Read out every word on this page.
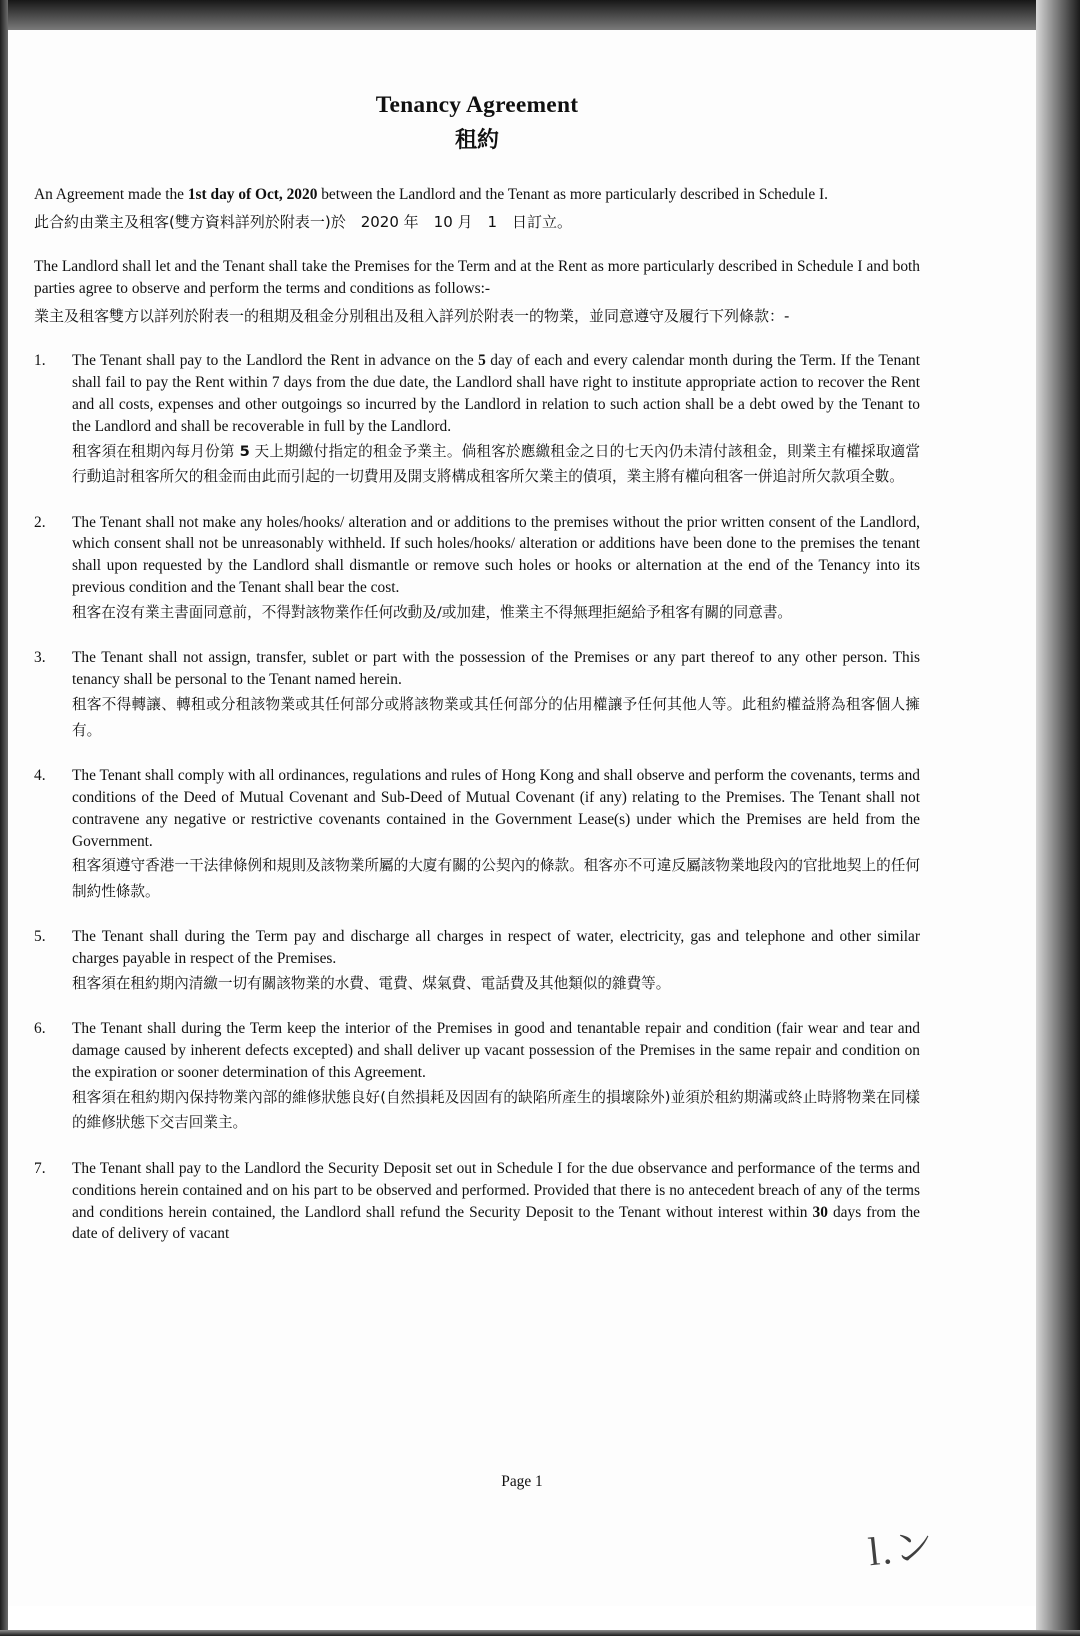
Tenancy Agreement
租約

An Agreement made the 1st day of Oct, 2020 between the Landlord and the Tenant as more particularly described in Schedule I.

此合約由業主及租客(雙方資料詳列於附表一)於　2020 年　10 月　1　日訂立。

The Landlord shall let and the Tenant shall take the Premises for the Term and at the Rent as more particularly described in Schedule I and both parties agree to observe and perform the terms and conditions as follows:-

業主及租客雙方以詳列於附表一的租期及租金分別租出及租入詳列於附表一的物業，並同意遵守及履行下列條款：-

1.	The Tenant shall pay to the Landlord the Rent in advance on the 5 day of each and every calendar month during the Term. If the Tenant shall fail to pay the Rent within 7 days from the due date, the Landlord shall have right to institute appropriate action to recover the Rent and all costs, expenses and other outgoings so incurred by the Landlord in relation to such action shall be a debt owed by the Tenant to the Landlord and shall be recoverable in full by the Landlord.

租客須在租期內每月份第 5 天上期繳付指定的租金予業主。倘租客於應繳租金之日的七天內仍未清付該租金，則業主有權採取適當行動追討租客所欠的租金而由此而引起的一切費用及開支將構成租客所欠業主的債項，業主將有權向租客一併追討所欠款項全數。

2.	The Tenant shall not make any holes/hooks/ alteration and or additions to the premises without the prior written consent of the Landlord, which consent shall not be unreasonably withheld. If such holes/hooks/ alteration or additions have been done to the premises the tenant shall upon requested by the Landlord shall dismantle or remove such holes or hooks or alternation at the end of the Tenancy into its previous condition and the Tenant shall bear the cost.

租客在沒有業主書面同意前，不得對該物業作任何改動及/或加建，惟業主不得無理拒絕給予租客有關的同意書。

3.	The Tenant shall not assign, transfer, sublet or part with the possession of the Premises or any part thereof to any other person. This tenancy shall be personal to the Tenant named herein.

租客不得轉讓、轉租或分租該物業或其任何部分或將該物業或其任何部分的佔用權讓予任何其他人等。此租約權益將為租客個人擁有。

4.	The Tenant shall comply with all ordinances, regulations and rules of Hong Kong and shall observe and perform the covenants, terms and conditions of the Deed of Mutual Covenant and Sub-Deed of Mutual Covenant (if any) relating to the Premises. The Tenant shall not contravene any negative or restrictive covenants contained in the Government Lease(s) under which the Premises are held from the Government.

租客須遵守香港一干法律條例和規則及該物業所屬的大廈有關的公契內的條款。租客亦不可違反屬該物業地段內的官批地契上的任何制約性條款。

5.	The Tenant shall during the Term pay and discharge all charges in respect of water, electricity, gas and telephone and other similar charges payable in respect of the Premises.

租客須在租約期內清繳一切有關該物業的水費、電費、煤氣費、電話費及其他類似的雜費等。

6.	The Tenant shall during the Term keep the interior of the Premises in good and tenantable repair and condition (fair wear and tear and damage caused by inherent defects excepted) and shall deliver up vacant possession of the Premises in the same repair and condition on the expiration or sooner determination of this Agreement.

租客須在租約期內保持物業內部的維修狀態良好(自然損耗及因固有的缺陷所產生的損壞除外)並須於租約期滿或終止時將物業在同樣的維修狀態下交吉回業主。

7.	The Tenant shall pay to the Landlord the Security Deposit set out in Schedule I for the due observance and performance of the terms and conditions herein contained and on his part to be observed and performed. Provided that there is no antecedent breach of any of the terms and conditions herein contained, the Landlord shall refund the Security Deposit to the Tenant without interest within 30 days from the date of delivery of vacant

Page 1
l.ン
